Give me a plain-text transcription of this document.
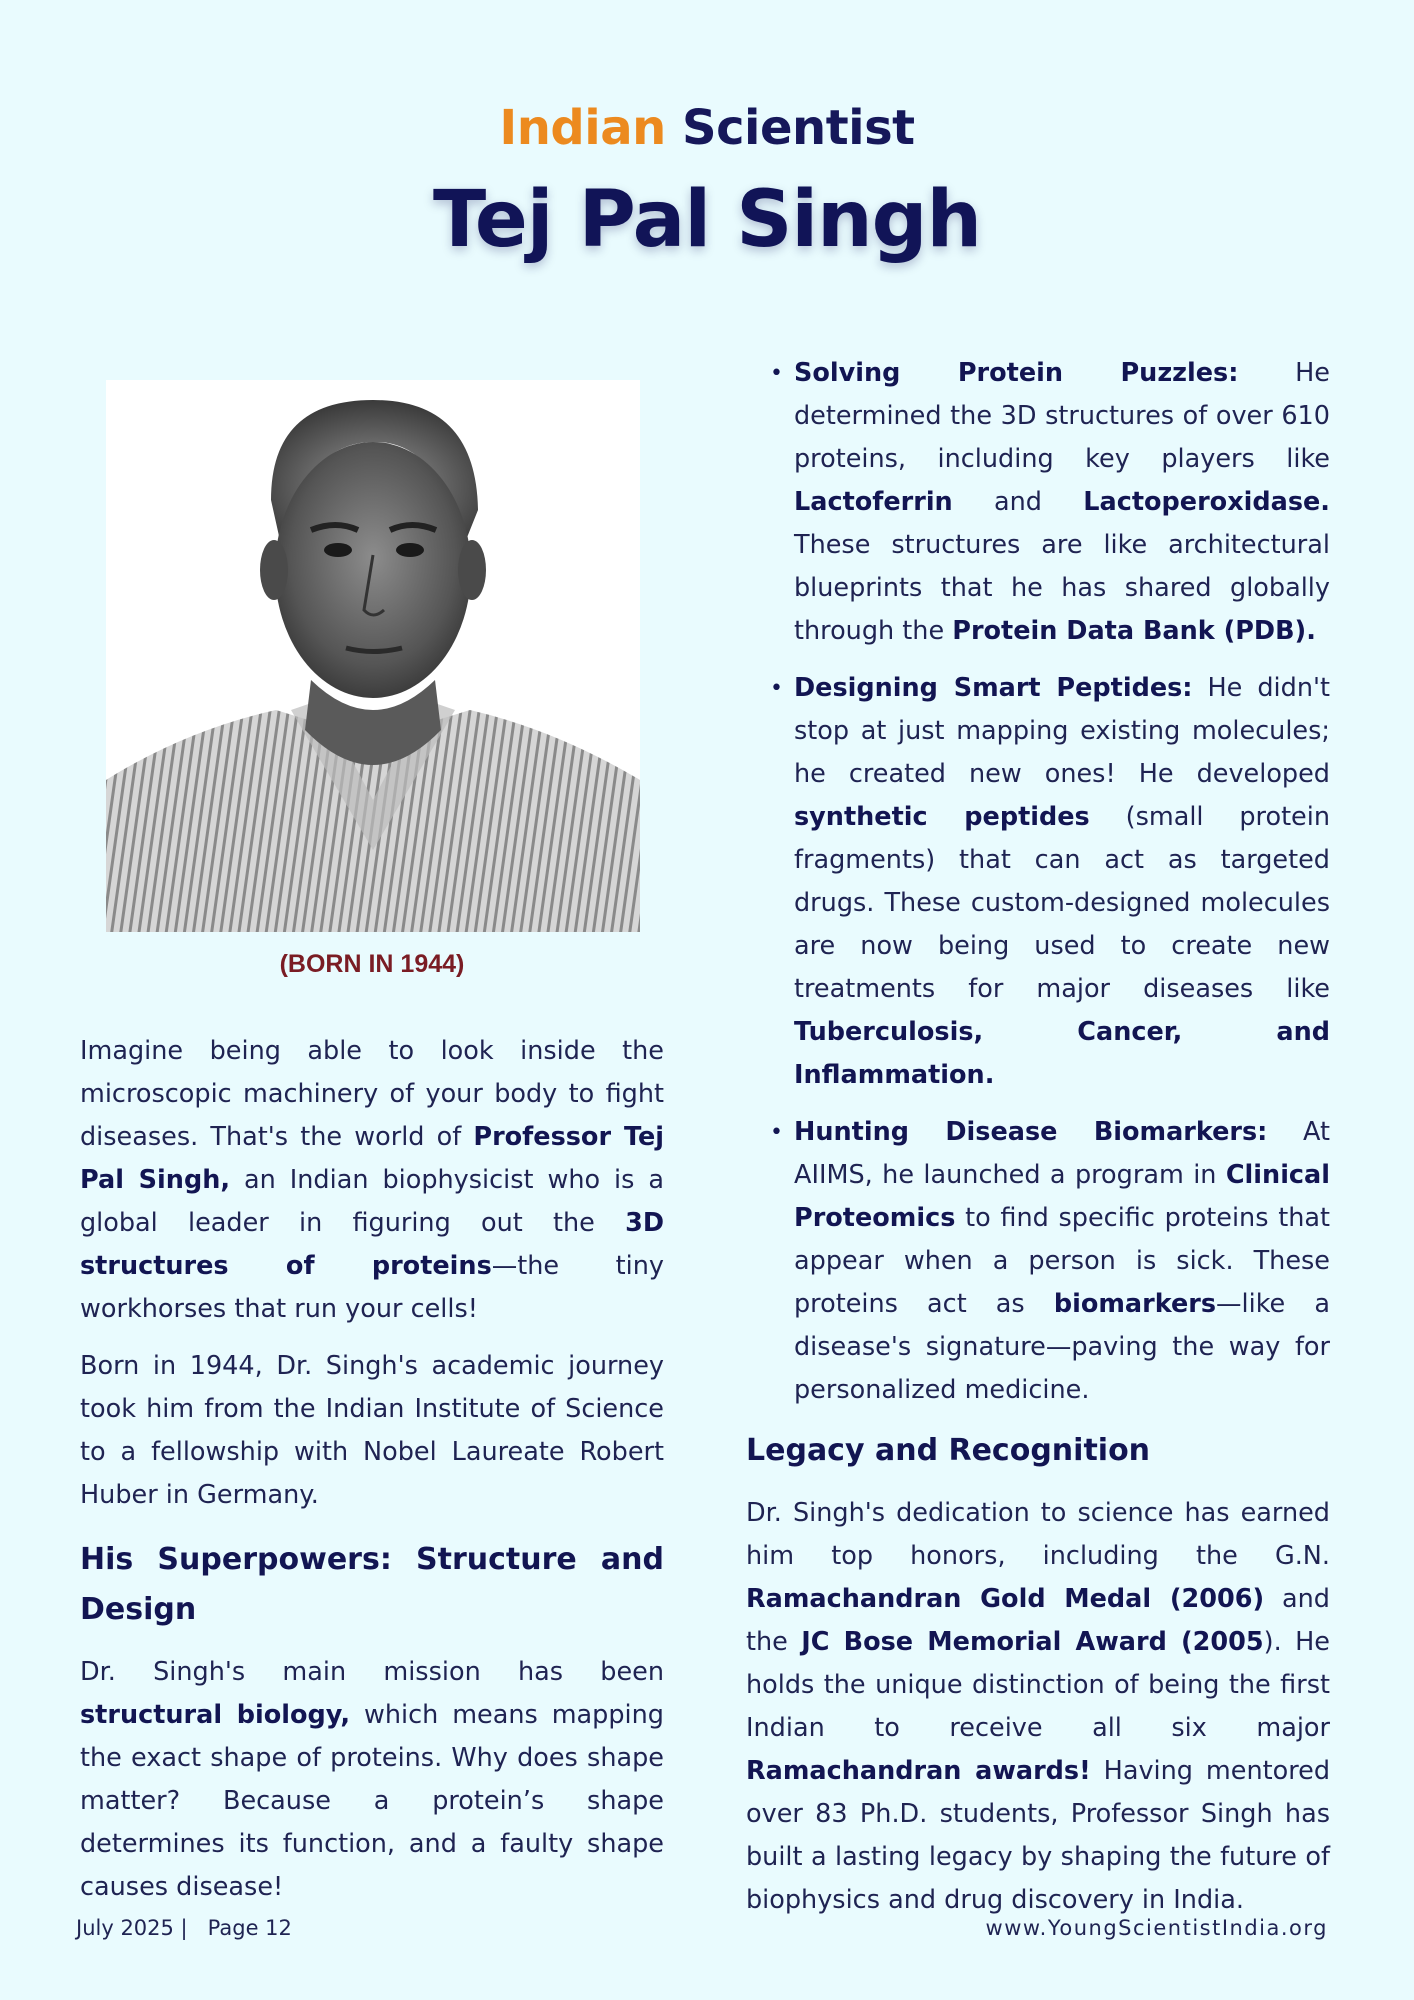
Indian Scientist

Tej Pal Singh
(BORN IN 1944)

Imagine being able to look inside the microscopic machinery of your body to fight diseases. That's the world of Professor Tej Pal Singh, an Indian biophysicist who is a global leader in figuring out the 3D structures of proteins—the tiny workhorses that run your cells!

Born in 1944, Dr. Singh's academic journey took him from the Indian Institute of Science to a fellowship with Nobel Laureate Robert Huber in Germany.

His Superpowers: Structure and Design

Dr. Singh's main mission has been structural biology, which means mapping the exact shape of proteins. Why does shape matter? Because a protein’s shape determines its function, and a faulty shape causes disease!

• Solving Protein Puzzles: He determined the 3D structures of over 610 proteins, including key players like Lactoferrin and Lactoperoxidase. These structures are like architectural blueprints that he has shared globally through the Protein Data Bank (PDB).
• Designing Smart Peptides: He didn't stop at just mapping existing molecules; he created new ones! He developed synthetic peptides (small protein fragments) that can act as targeted drugs. These custom-designed molecules are now being used to create new treatments for major diseases like Tuberculosis, Cancer, and Inflammation.
• Hunting Disease Biomarkers: At AIIMS, he launched a program in Clinical Proteomics to find specific proteins that appear when a person is sick. These proteins act as biomarkers—like a disease's signature—paving the way for personalized medicine.
Legacy and Recognition

Dr. Singh's dedication to science has earned him top honors, including the G.N. Ramachandran Gold Medal (2006) and the JC Bose Memorial Award (2005). He holds the unique distinction of being the first Indian to receive all six major Ramachandran awards! Having mentored over 83 Ph.D. students, Professor Singh has built a lasting legacy by shaping the future of biophysics and drug discovery in India.

July 2025 |   Page 12	www.YoungScientistIndia.org
